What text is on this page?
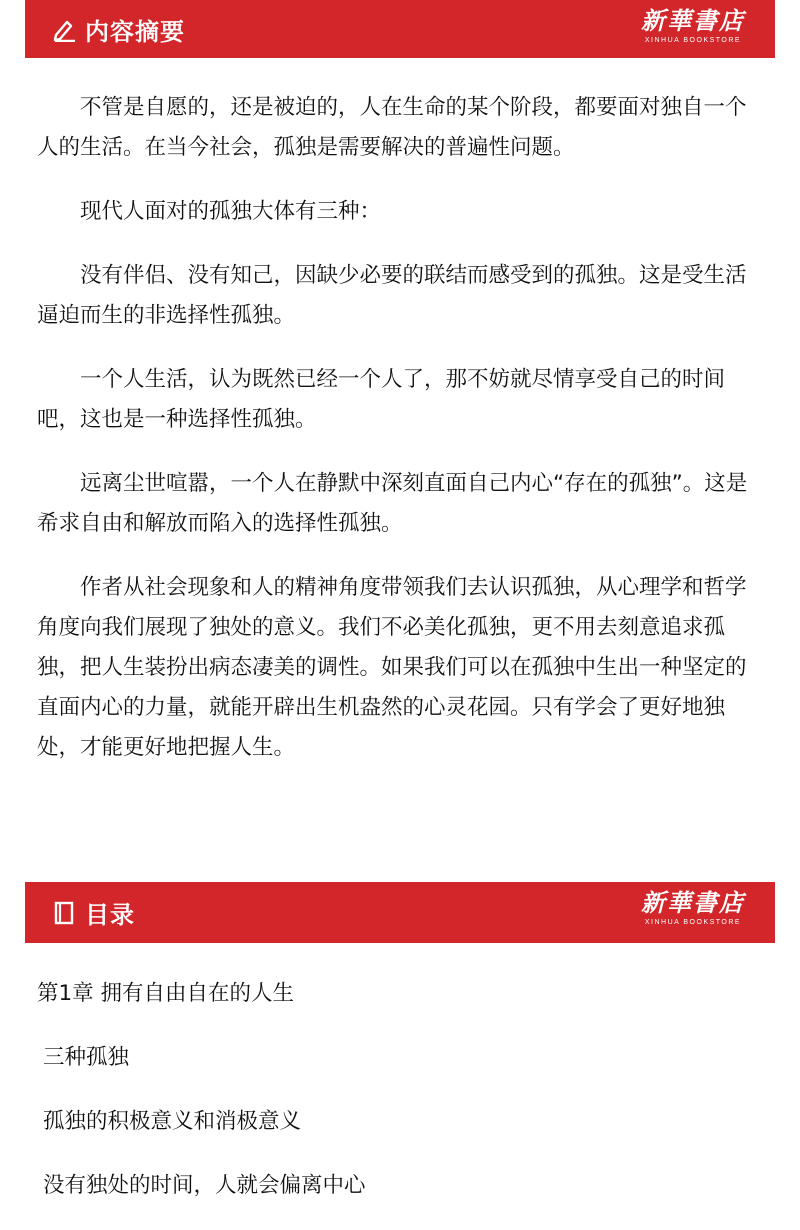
内容摘要	新華書店
XINHUA BOOKSTORE

不管是自愿的，还是被迫的，人在生命的某个阶段，都要面对独自一个人的生活。在当今社会，孤独是需要解决的普遍性问题。

现代人面对的孤独大体有三种：

没有伴侣、没有知己，因缺少必要的联结而感受到的孤独。这是受生活逼迫而生的非选择性孤独。

一个人生活，认为既然已经一个人了，那不妨就尽情享受自己的时间吧，这也是一种选择性孤独。

远离尘世喧嚣，一个人在静默中深刻直面自己内心“存在的孤独”。这是希求自由和解放而陷入的选择性孤独。

作者从社会现象和人的精神角度带领我们去认识孤独，从心理学和哲学角度向我们展现了独处的意义。我们不必美化孤独，更不用去刻意追求孤独，把人生装扮出病态凄美的调性。如果我们可以在孤独中生出一种坚定的直面内心的力量，就能开辟出生机盎然的心灵花园。只有学会了更好地独处，才能更好地把握人生。

目录	新華書店
XINHUA BOOKSTORE
第1章 拥有自由自在的人生
三种孤独
孤独的积极意义和消极意义
没有独处的时间，人就会偏离中心
